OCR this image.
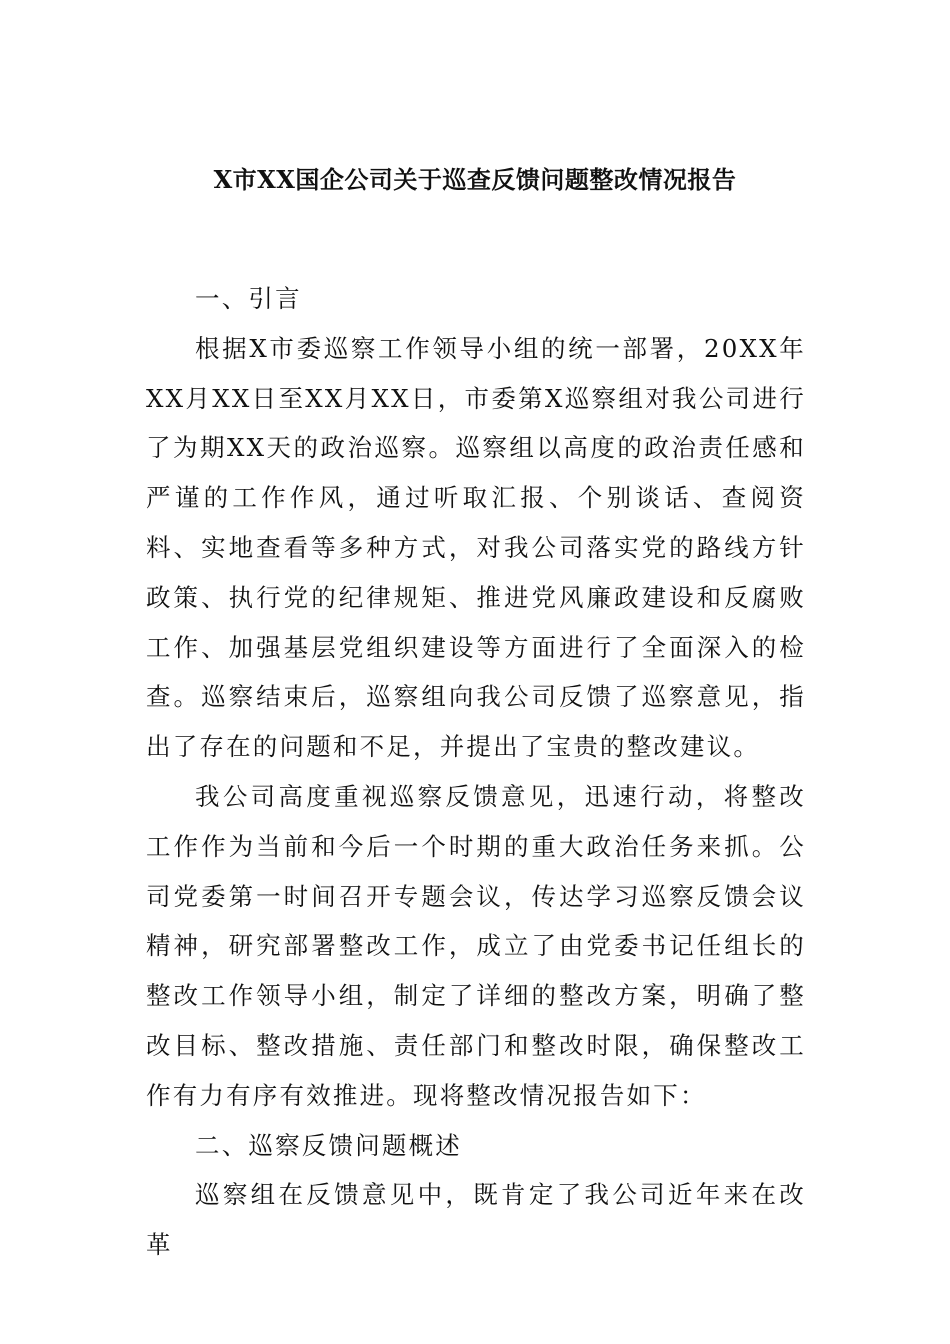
X市XX国企公司关于巡查反馈问题整改情况报告

一、引言

根据X市委巡察工作领导小组的统一部署，20XX年XX月XX日至XX月XX日，市委第X巡察组对我公司进行了为期XX天的政治巡察。巡察组以高度的政治责任感和严谨的工作作风，通过听取汇报、个别谈话、查阅资料、实地查看等多种方式，对我公司落实党的路线方针政策、执行党的纪律规矩、推进党风廉政建设和反腐败工作、加强基层党组织建设等方面进行了全面深入的检查。巡察结束后，巡察组向我公司反馈了巡察意见，指出了存在的问题和不足，并提出了宝贵的整改建议。

我公司高度重视巡察反馈意见，迅速行动，将整改工作作为当前和今后一个时期的重大政治任务来抓。公司党委第一时间召开专题会议，传达学习巡察反馈会议精神，研究部署整改工作，成立了由党委书记任组长的整改工作领导小组，制定了详细的整改方案，明确了整改目标、整改措施、责任部门和整改时限，确保整改工作有力有序有效推进。现将整改情况报告如下：

二、巡察反馈问题概述

巡察组在反馈意见中，既肯定了我公司近年来在改革
